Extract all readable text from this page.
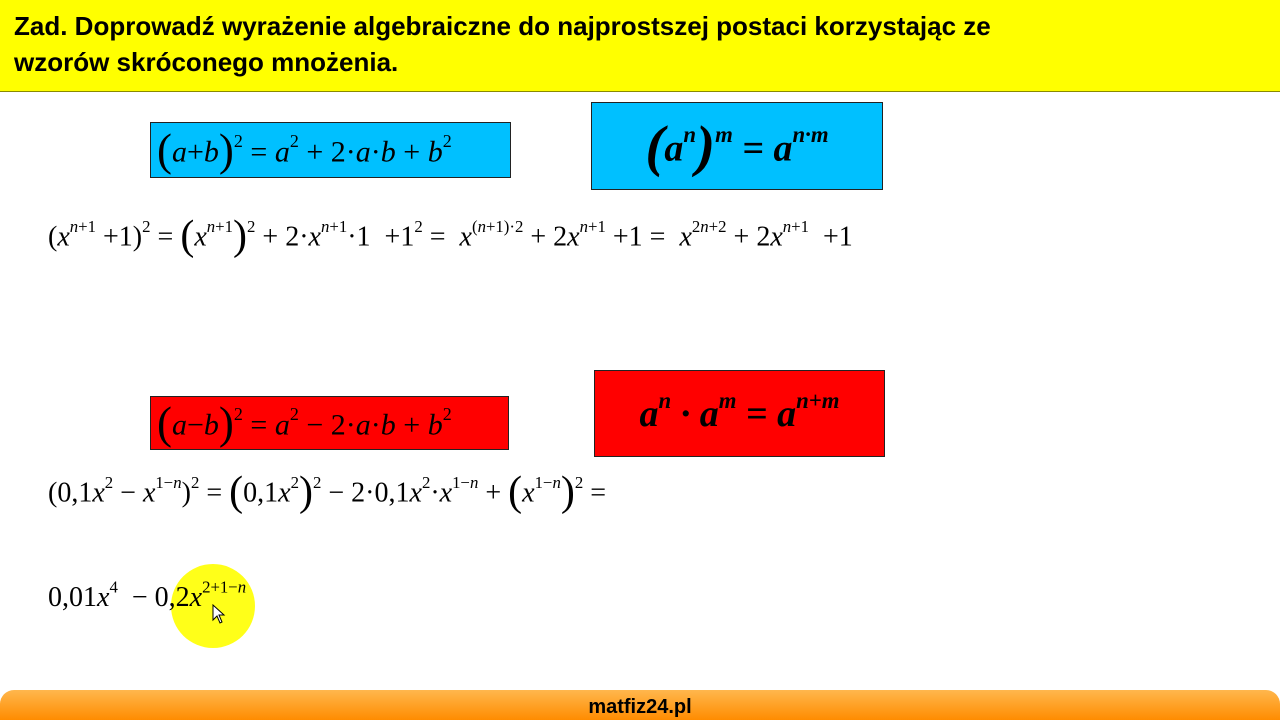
Zad. Doprowadź wyrażenie algebraiczne do najprostszej postaci korzystając ze
wzorów skróconego mnożenia.
$(a+b)^2 = a^2 + 2\cdot a\cdot b + b^2$	$(a^n)^m = a^{n\cdot m}$
$(a-b)^2 = a^2 - 2\cdot a\cdot b + b^2$	$a^n \cdot a^m = a^{n+m}$
$(x^{n+1} +1)^2 = (x^{n+1})^2 + 2\cdot x^{n+1}\cdot 1 +1^2 = x^{(n+1)\cdot 2} + 2x^{n+1} +1 = x^{2n+2} + 2x^{n+1} +1$
$(0,1x^2 - x^{1-n})^2 = (0,1x^2)^2 - 2\cdot 0,1x^2\cdot x^{1-n} + (x^{1-n})^2$ =
$0,01x^4 - 0,2x^{2+1-n}$
matfiz24.pl
